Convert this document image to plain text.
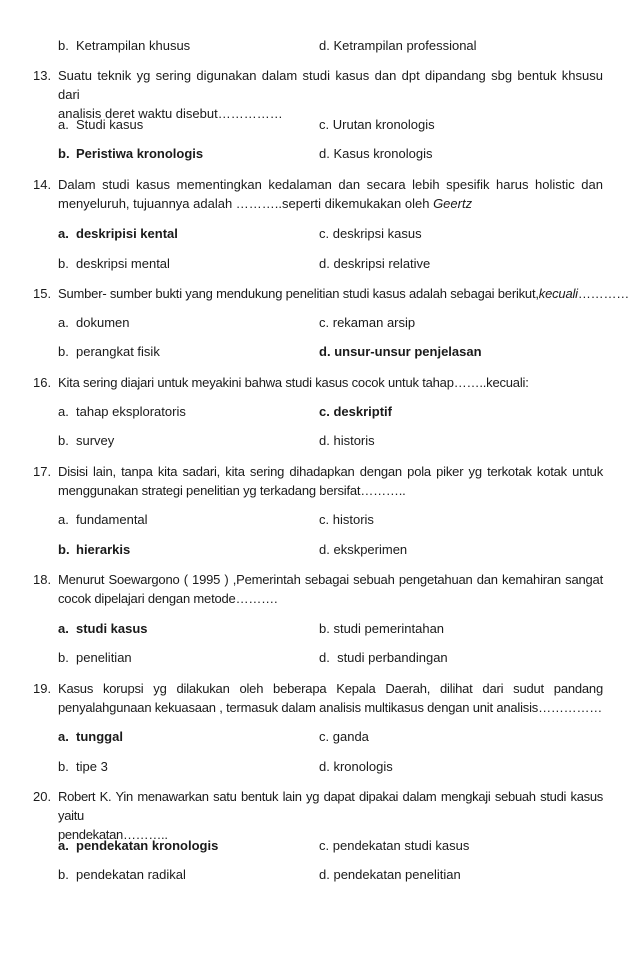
b. Ketrampilan khusus	d. Ketrampilan professional
13. Suatu teknik yg sering digunakan dalam studi kasus dan dpt dipandang sbg bentuk khsusu dari
analisis deret waktu disebut……………
a. Studi kasus	c. Urutan kronologis
b. Peristiwa kronologis	d. Kasus kronologis
14. Dalam studi kasus mementingkan kedalaman dan secara lebih spesifik harus holistic dan
menyeluruh, tujuannya adalah ………..seperti dikemukakan oleh Geertz
a. deskripisi kental	c. deskripsi kasus
b. deskripsi mental	d. deskripsi relative
15. Sumber- sumber bukti yang mendukung penelitian studi kasus adalah sebagai berikut,kecuali…………
a. dokumen	c. rekaman arsip
b. perangkat fisik	d. unsur-unsur penjelasan
16. Kita sering diajari untuk meyakini bahwa studi kasus cocok untuk tahap……..kecuali:
a. tahap eksploratoris	c. deskriptif
b. survey	d. historis
17. Disisi lain, tanpa kita sadari, kita sering dihadapkan dengan pola piker yg terkotak kotak untuk
menggunakan strategi penelitian yg terkadang bersifat………..
a. fundamental	c. historis
b. hierarkis	d. ekskperimen
18. Menurut Soewargono ( 1995 ) ,Pemerintah sebagai sebuah pengetahuan dan kemahiran sangat
cocok dipelajari dengan metode……….
a. studi kasus	b. studi pemerintahan
b. penelitian	d.  studi perbandingan
19. Kasus korupsi yg dilakukan oleh beberapa Kepala Daerah, dilihat dari sudut pandang
penyalahgunaan kekuasaan , termasuk dalam analisis multikasus dengan unit analisis……………
a. tunggal	c. ganda
b. tipe 3	d. kronologis
20. Robert K. Yin menawarkan satu bentuk lain yg dapat dipakai dalam mengkaji sebuah studi kasus yaitu
pendekatan………..
a. pendekatan kronologis	c. pendekatan studi kasus
b. pendekatan radikal	d. pendekatan penelitian
